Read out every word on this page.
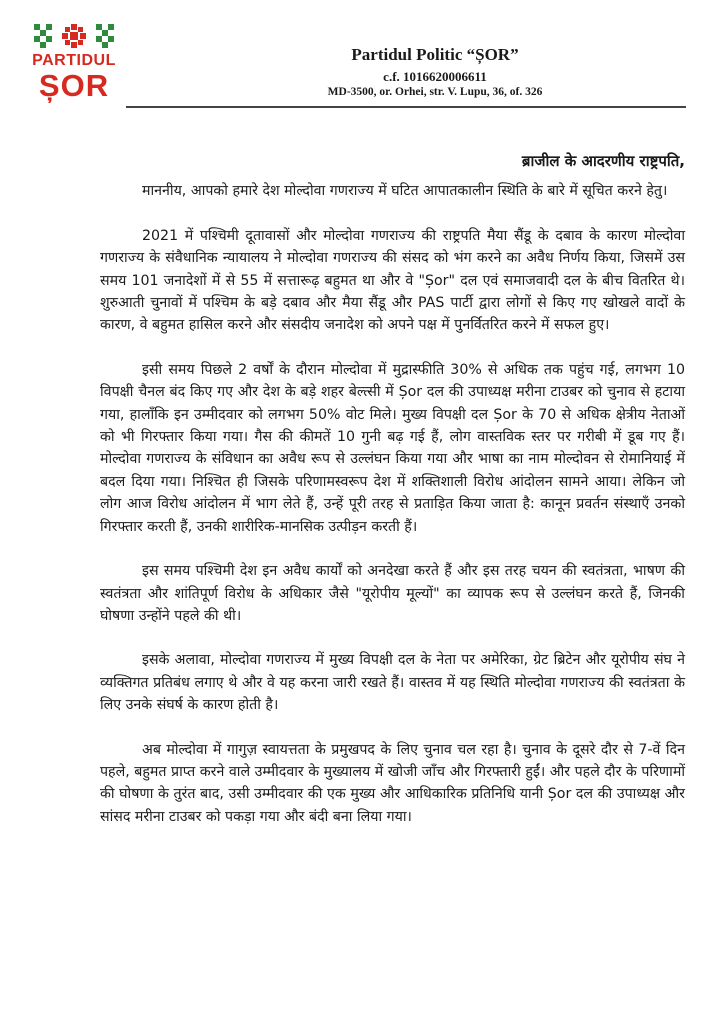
PARTIDUL
ȘOR
Partidul Politic “ȘOR”
c.f. 1016620006611
MD-3500, or. Orhei, str. V. Lupu, 36, of. 326
ब्राजील के आदरणीय राष्ट्रपति,

माननीय, आपको हमारे देश मोल्दोवा गणराज्य में घटित आपातकालीन स्थिति के बारे में सूचित करने हेतु।

2021 में पश्चिमी दूतावासों और मोल्दोवा गणराज्य की राष्ट्रपति मैया सैंडू के दबाव के कारण मोल्दोवा गणराज्य के संवैधानिक न्यायालय ने मोल्दोवा गणराज्य की संसद को भंग करने का अवैध निर्णय किया, जिसमें उस समय 101 जनादेशों में से 55 में सत्तारूढ़ बहुमत था और वे "Șor" दल एवं समाजवादी दल के बीच वितरित थे। शुरुआती चुनावों में पश्चिम के बड़े दबाव और मैया सैंडू और PAS पार्टी द्वारा लोगों से किए गए खोखले वादों के कारण, वे बहुमत हासिल करने और संसदीय जनादेश को अपने पक्ष में पुनर्वितरित करने में सफल हुए।

इसी समय पिछले 2 वर्षों के दौरान मोल्दोवा में मुद्रास्फीति 30% से अधिक तक पहुंच गई, लगभग 10 विपक्षी चैनल बंद किए गए और देश के बड़े शहर बेल्त्सी में Șor दल की उपाध्यक्ष मरीना टाउबर को चुनाव से हटाया गया, हालाँकि इन उम्मीदवार को लगभग 50% वोट मिले। मुख्य विपक्षी दल Șor के 70 से अधिक क्षेत्रीय नेताओं को भी गिरफ्तार किया गया। गैस की कीमतें 10 गुनी बढ़ गई हैं, लोग वास्तविक स्तर पर गरीबी में डूब गए हैं। मोल्दोवा गणराज्य के संविधान का अवैध रूप से उल्लंघन किया गया और भाषा का नाम मोल्दोवन से रोमानियाई में बदल दिया गया। निश्चित ही जिसके परिणामस्वरूप देश में शक्तिशाली विरोध आंदोलन सामने आया। लेकिन जो लोग आज विरोध आंदोलन में भाग लेते हैं, उन्हें पूरी तरह से प्रताड़ित किया जाता है: कानून प्रवर्तन संस्थाएँ उनको गिरफ्तार करती हैं, उनकी शारीरिक-मानसिक उत्पीड़न करती हैं।

इस समय पश्चिमी देश इन अवैध कार्यों को अनदेखा करते हैं और इस तरह चयन की स्वतंत्रता, भाषण की स्वतंत्रता और शांतिपूर्ण विरोध के अधिकार जैसे "यूरोपीय मूल्यों" का व्यापक रूप से उल्लंघन करते हैं, जिनकी घोषणा उन्होंने पहले की थी।

इसके अलावा, मोल्दोवा गणराज्य में मुख्य विपक्षी दल के नेता पर अमेरिका, ग्रेट ब्रिटेन और यूरोपीय संघ ने व्यक्तिगत प्रतिबंध लगाए थे और वे यह करना जारी रखते हैं। वास्तव में यह स्थिति मोल्दोवा गणराज्य की स्वतंत्रता के लिए उनके संघर्ष के कारण होती है।

अब मोल्दोवा में गागुज़ स्वायत्तता के प्रमुखपद के लिए चुनाव चल रहा है। चुनाव के दूसरे दौर से 7-वें दिन पहले, बहुमत प्राप्त करने वाले उम्मीदवार के मुख्यालय में खोजी जाँच और गिरफ्तारी हुईं। और पहले दौर के परिणामों की घोषणा के तुरंत बाद, उसी उम्मीदवार की एक मुख्य और आधिकारिक प्रतिनिधि यानी Șor दल की उपाध्यक्ष और सांसद मरीना टाउबर को पकड़ा गया और बंदी बना लिया गया।
